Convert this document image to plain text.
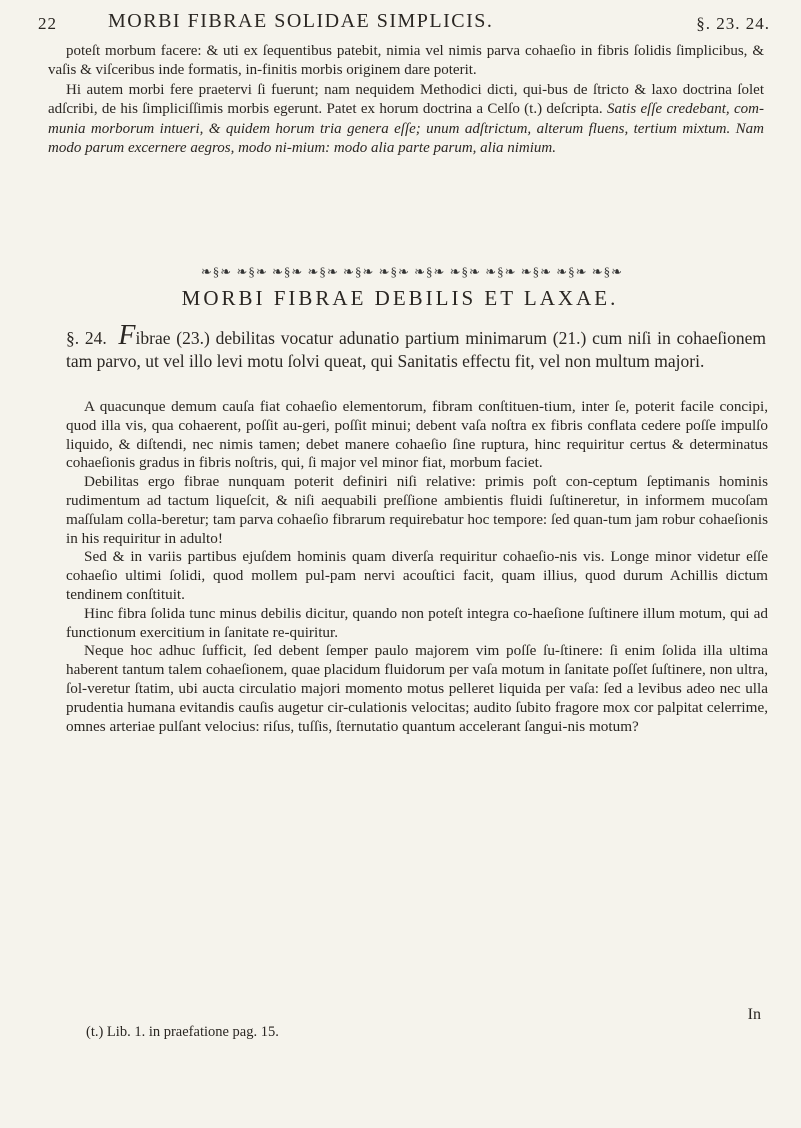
22	MORBI FIBRAE SOLIDAE SIMPLICIS.	§. 23. 24.

poteſt morbum facere: & uti ex ſequentibus patebit, nimia vel nimis parva cohaeſio in fibris ſolidis ſimplicibus, & vaſis & viſceribus inde formatis, in-finitis morbis originem dare poterit.

Hi autem morbi fere praetervi ſi fuerunt; nam nequidem Methodici dicti, qui-bus de ſtricto & laxo doctrina ſolet adſcribi, de his ſimpliciſſimis morbis egerunt. Patet ex horum doctrina a Celſo (t.) deſcripta. Satis eſſe credebant, com-munia morborum intueri, & quidem horum tria genera eſſe; unum adſtrictum, alterum fluens, tertium mixtum. Nam modo parum excernere aegros, modo ni-mium: modo alia parte parum, alia nimium.

❧§❧ ❧§❧ ❧§❧ ❧§❧ ❧§❧ ❧§❧ ❧§❧ ❧§❧ ❧§❧ ❧§❧ ❧§❧ ❧§❧
MORBI FIBRAE DEBILIS ET LAXAE.

§. 24. Fibrae (23.) debilitas vocatur adunatio partium minimarum (21.) cum niſi in cohaeſionem tam parvo, ut vel illo levi motu ſolvi queat, qui Sanitatis effectu fit, vel non multum majori.

A quacunque demum cauſa fiat cohaeſio elementorum, fibram conſtituen-tium, inter ſe, poterit facile concipi, quod illa vis, qua cohaerent, poſſit au-geri, poſſit minui; debent vaſa noſtra ex fibris conflata cedere poſſe impulſo liquido, & diſtendi, nec nimis tamen; debet manere cohaeſio ſine ruptura, hinc requiritur certus & determinatus cohaeſionis gradus in fibris noſtris, qui, ſi major vel minor fiat, morbum faciet.

Debilitas ergo fibrae nunquam poterit definiri niſi relative: primis poſt con-ceptum ſeptimanis hominis rudimentum ad tactum liqueſcit, & niſi aequabili preſſione ambientis fluidi ſuſtineretur, in informem mucoſam maſſulam colla-beretur; tam parva cohaeſio fibrarum requirebatur hoc tempore: ſed quan-tum jam robur cohaeſionis in his requiritur in adulto!

Sed & in variis partibus ejuſdem hominis quam diverſa requiritur cohaeſio-nis vis. Longe minor videtur eſſe cohaeſio ultimi ſolidi, quod mollem pul-pam nervi acouſtici facit, quam illius, quod durum Achillis dictum tendinem conſtituit.

Hinc fibra ſolida tunc minus debilis dicitur, quando non poteſt integra co-haeſione ſuſtinere illum motum, qui ad functionum exercitium in ſanitate re-quiritur.

Neque hoc adhuc ſufficit, ſed debent ſemper paulo majorem vim poſſe ſu-ſtinere: ſi enim ſolida illa ultima haberent tantum talem cohaeſionem, quae placidum fluidorum per vaſa motum in ſanitate poſſet ſuſtinere, non ultra, ſol-veretur ſtatim, ubi aucta circulatio majori momento motus pelleret liquida per vaſa: ſed a levibus adeo nec ulla prudentia humana evitandis cauſis augetur cir-culationis velocitas; audito ſubito fragore mox cor palpitat celerrime, omnes arteriae pulſant velocius: riſus, tuſſis, ſternutatio quantum accelerant ſangui-nis motum?

In
(t.) Lib. 1. in praefatione pag. 15.
